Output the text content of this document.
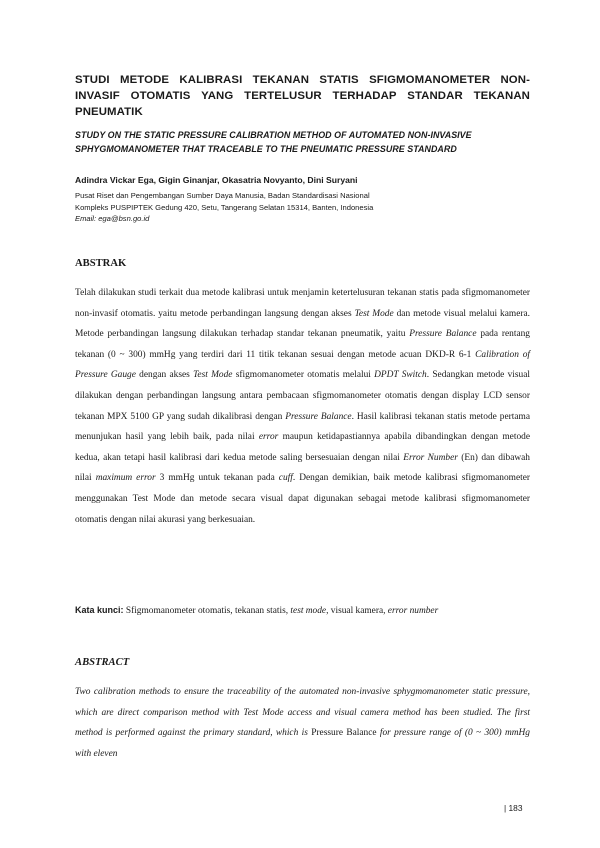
STUDI METODE KALIBRASI TEKANAN STATIS SFIGMOMANOMETER NON-INVASIF OTOMATIS YANG TERTELUSUR TERHADAP STANDAR TEKANAN PNEUMATIK
STUDY ON THE STATIC PRESSURE CALIBRATION METHOD OF AUTOMATED NON-INVASIVE SPHYGMOMANOMETER THAT TRACEABLE TO THE PNEUMATIC PRESSURE STANDARD
Adindra Vickar Ega, Gigin Ginanjar, Okasatria Novyanto, Dini Suryani
Pusat Riset dan Pengembangan Sumber Daya Manusia, Badan Standardisasi Nasional
Kompleks PUSPIPTEK Gedung 420, Setu, Tangerang Selatan 15314, Banten, Indonesia
Email: ega@bsn.go.id
ABSTRAK
Telah dilakukan studi terkait dua metode kalibrasi untuk menjamin ketertelusuran tekanan statis pada sfigmomanometer non-invasif otomatis. yaitu metode perbandingan langsung dengan akses Test Mode dan metode visual melalui kamera. Metode perbandingan langsung dilakukan terhadap standar tekanan pneumatik, yaitu Pressure Balance pada rentang tekanan (0 ~ 300) mmHg yang terdiri dari 11 titik tekanan sesuai dengan metode acuan DKD-R 6-1 Calibration of Pressure Gauge dengan akses Test Mode sfigmomanometer otomatis melalui DPDT Switch. Sedangkan metode visual dilakukan dengan perbandingan langsung antara pembacaan sfigmomanometer otomatis dengan display LCD sensor tekanan MPX 5100 GP yang sudah dikalibrasi dengan Pressure Balance. Hasil kalibrasi tekanan statis metode pertama menunjukan hasil yang lebih baik, pada nilai error maupun ketidapastiannya apabila dibandingkan dengan metode kedua, akan tetapi hasil kalibrasi dari kedua metode saling bersesuaian dengan nilai Error Number (En) dan dibawah nilai maximum error 3 mmHg untuk tekanan pada cuff. Dengan demikian, baik metode kalibrasi sfigmomanometer menggunakan Test Mode dan metode secara visual dapat digunakan sebagai metode kalibrasi sfigmomanometer otomatis dengan nilai akurasi yang berkesuaian.
Kata kunci: Sfigmomanometer otomatis, tekanan statis, test mode, visual kamera, error number
ABSTRACT
Two calibration methods to ensure the traceability of the automated non-invasive sphygmomanometer static pressure, which are direct comparison method with Test Mode access and visual camera method has been studied. The first method is performed against the primary standard, which is Pressure Balance for pressure range of (0 ~ 300) mmHg with eleven
| 183
